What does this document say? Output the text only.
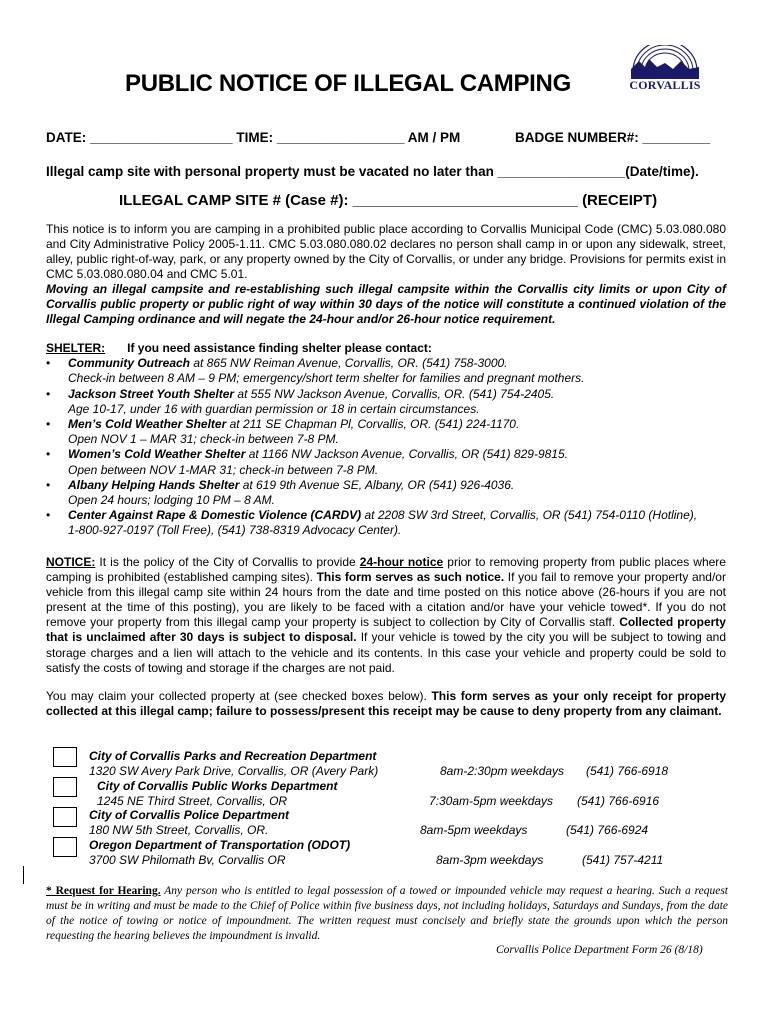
PUBLIC NOTICE OF ILLEGAL CAMPING	CORVALLIS
DATE: ___________________ TIME: _________________ AM / PM	BADGE NUMBER#: _________
Illegal camp site with personal property must be vacated no later than _________________(Date/time).
ILLEGAL CAMP SITE # (Case #): ___________________________ (RECEIPT)

This notice is to inform you are camping in a prohibited public place according to Corvallis Municipal Code (CMC) 5.03.080.080 and City Administrative Policy 2005-1.11. CMC 5.03.080.080.02 declares no person shall camp in or upon any sidewalk, street, alley, public right-of-way, park, or any property owned by the City of Corvallis, or under any bridge. Provisions for permits exist in CMC 5.03.080.080.04 and CMC 5.01.

Moving an illegal campsite and re-establishing such illegal campsite within the Corvallis city limits or upon City of Corvallis public property or public right of way within 30 days of the notice will constitute a continued violation of the Illegal Camping ordinance and will negate the 24-hour and/or 26-hour notice requirement.

SHELTER: If you need assistance finding shelter please contact:
• Community Outreach at 865 NW Reiman Avenue, Corvallis, OR. (541) 758-3000.
Check-in between 8 AM – 9 PM; emergency/short term shelter for families and pregnant mothers.
• Jackson Street Youth Shelter at 555 NW Jackson Avenue, Corvallis, OR. (541) 754-2405.
Age 10-17, under 16 with guardian permission or 18 in certain circumstances.
• Men’s Cold Weather Shelter at 211 SE Chapman Pl, Corvallis, OR. (541) 224-1170.
Open NOV 1 – MAR 31; check-in between 7-8 PM.
• Women’s Cold Weather Shelter at 1166 NW Jackson Avenue, Corvallis, OR (541) 829-9815.
Open between NOV 1-MAR 31; check-in between 7-8 PM.
• Albany Helping Hands Shelter at 619 9th Avenue SE, Albany, OR (541) 926-4036.
Open 24 hours; lodging 10 PM – 8 AM.
• Center Against Rape & Domestic Violence (CARDV) at 2208 SW 3rd Street, Corvallis, OR (541) 754-0110 (Hotline),
1-800-927-0197 (Toll Free), (541) 738-8319 Advocacy Center).

NOTICE: It is the policy of the City of Corvallis to provide 24-hour notice prior to removing property from public places where camping is prohibited (established camping sites). This form serves as such notice. If you fail to remove your property and/or vehicle from this illegal camp site within 24 hours from the date and time posted on this notice above (26-hours if you are not present at the time of this posting), you are likely to be faced with a citation and/or have your vehicle towed*. If you do not remove your property from this illegal camp your property is subject to collection by City of Corvallis staff. Collected property that is unclaimed after 30 days is subject to disposal. If your vehicle is towed by the city you will be subject to towing and storage charges and a lien will attach to the vehicle and its contents. In this case your vehicle and property could be sold to satisfy the costs of towing and storage if the charges are not paid.

You may claim your collected property at (see checked boxes below). This form serves as your only receipt for property collected at this illegal camp; failure to possess/present this receipt may be cause to deny property from any claimant.

City of Corvallis Parks and Recreation Department
1320 SW Avery Park Drive, Corvallis, OR (Avery Park)	8am-2:30pm weekdays (541) 766-6918
City of Corvallis Public Works Department
1245 NE Third Street, Corvallis, OR	7:30am-5pm weekdays (541) 766-6916
City of Corvallis Police Department
180 NW 5th Street, Corvallis, OR.	8am-5pm weekdays	(541) 766-6924
Oregon Department of Transportation (ODOT)
3700 SW Philomath Bv, Corvallis OR	8am-3pm weekdays	(541) 757-4211

* Request for Hearing. Any person who is entitled to legal possession of a towed or impounded vehicle may request a hearing. Such a request must be in writing and must be made to the Chief of Police within five business days, not including holidays, Saturdays and Sundays, from the date of the notice of towing or notice of impoundment. The written request must concisely and briefly state the grounds upon which the person requesting the hearing believes the impoundment is invalid.

Corvallis Police Department Form 26 (8/18)
